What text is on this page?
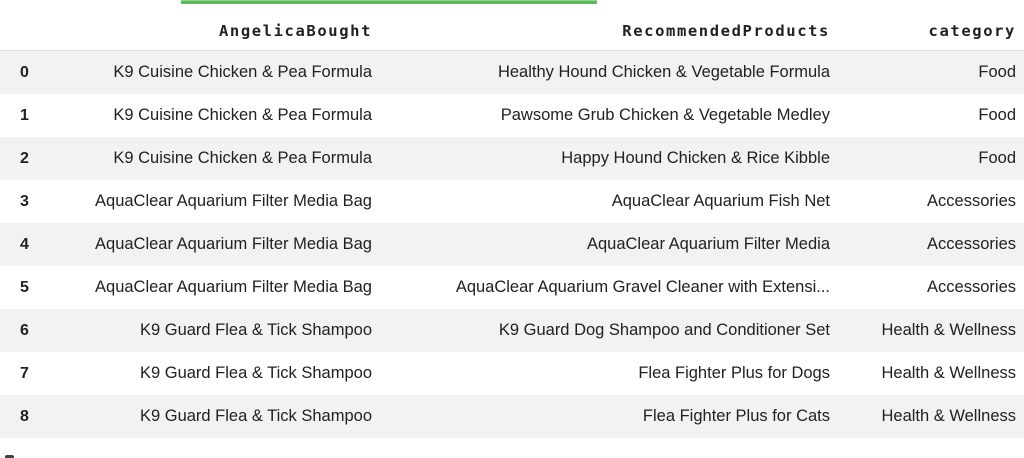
	AngelicaBought	RecommendedProducts	category
0	K9 Cuisine Chicken & Pea Formula	Healthy Hound Chicken & Vegetable Formula	Food
1	K9 Cuisine Chicken & Pea Formula	Pawsome Grub Chicken & Vegetable Medley	Food
2	K9 Cuisine Chicken & Pea Formula	Happy Hound Chicken & Rice Kibble	Food
3	AquaClear Aquarium Filter Media Bag	AquaClear Aquarium Fish Net	Accessories
4	AquaClear Aquarium Filter Media Bag	AquaClear Aquarium Filter Media	Accessories
5	AquaClear Aquarium Filter Media Bag	AquaClear Aquarium Gravel Cleaner with Extensi...	Accessories
6	K9 Guard Flea & Tick Shampoo	K9 Guard Dog Shampoo and Conditioner Set	Health & Wellness
7	K9 Guard Flea & Tick Shampoo	Flea Fighter Plus for Dogs	Health & Wellness
8	K9 Guard Flea & Tick Shampoo	Flea Fighter Plus for Cats	Health & Wellness
